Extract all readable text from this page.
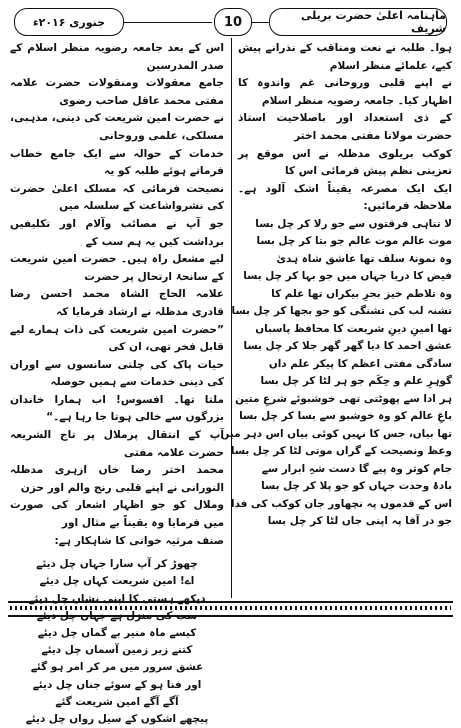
جنوری ۲۰۱۶ء	10	ماہنامہ اعلیٰ حضرت بریلی شریف
ہوا۔ طلبہ نے نعت ومناقب کے نذرانے پیش کیے، علمائے منظر اسلام
نے اپنے قلبی وروحانی غم واندوہ کا اظہار کیا۔ جامعہ رضویہ منظر اسلام
کے ذی استعداد اور باصلاحیت استاذ حضرت مولانا مفتی محمد اختر
کوکب بریلوی مدظلہ نے اس موقع پر تعزیتی نظم پیش فرمائی اس کا
ایک ایک مصرعہ یقیناً اشک آلود ہے۔ ملاحظہ فرمائیں:
لا تناہی فرقتوں سے جو رلا کر چل بسا
موت عالم موت عالم جو بتا کر چل بسا
وہ نمونۂ سلف تھا عاشق شاہ ہدیٰ
فیض کا دریا جہاں میں جو بہا کر چل بسا
وہ تلاطم خیز بحرِ بیکراں تھا علم کا
تشنہ لب کی تشنگی کو جو بجھا کر چل بسا
تھا امینِ دینِ شریعت کا محافظ پاسباں
عشق احمد کا دیا گھر گھر جلا کر چل بسا
سادگی مفتی اعظم کا پیکر علم داں
گوہرِ علم و حِکَم جو ہر لٹا کر چل بسا
ہر ادا سے پھوٹتی تھی خوشبوئے شرعِ متین
باغِ عالم کو وہ خوشبو سے بسا کر چل بسا
تھا بیاں، جس کا نہیں کوئی بیاں اس دہر میں
وعظ ونصیحت کے گراں موتی لٹا کر چل بسا
جام کوثر وہ پیے گا دست شہِ ابرار سے
بادۂ وحدت جہاں کو جو پلا کر چل بسا
اس کے قدموں پہ نچھاور جان کوکب کی فدا
جو در آقا پہ اپنی جاں لٹا کر چل بسا
اس کے بعد جامعہ رضویہ منظر اسلام کے صدر المدرسین
جامع معقولات ومنقولات حضرت علامہ مفتی محمد عاقل صاحب رضوی
نے حضرت امین شریعت کی دینی، مذہبی، مسلکی، علمی وروحانی
خدمات کے حوالہ سے ایک جامع خطاب فرماتے ہوئے طلبہ کو یہ
نصیحت فرمائی کہ مسلک اعلیٰ حضرت کی نشرواشاعت کے سلسلہ میں
جو آپ نے مصائب وآلام اور تکلیفیں برداشت کیں یہ ہم سب کے
لیے مشعل راہ ہیں۔ حضرت امین شریعت کے سانحۂ ارتحال پر حضرت
علامہ الحاج الشاہ محمد احسن رضا قادری مدظلہ نے ارشاد فرمایا کہ
”حضرت امین شریعت کی ذات ہمارے لیے قابل فخر تھی، ان کی
حیات پاک کی چلتی سانسوں سے اوران کی دینی خدمات سے ہمیں حوصلہ
ملتا تھا۔ افسوس! اب ہمارا خاندان بزرگوں سے خالی ہوتا جا رہا ہے۔“
آپ کے انتقال پرملال پر تاج الشریعہ حضرت علامہ مفتی
محمد اختر رضا خاں ازہری مدظلہ النورانی نے اپنے قلبی رنج والم اور حزن
وملال کو جو اظہار اشعار کی صورت میں فرمایا وہ یقیناً بے مثال اور
صنف مرثیہ خوانی کا شاہکار ہے:
چھوڑ کر آپ سارا جہاں چل دیئے
اے! امین شریعت کہاں چل دیئے
دیکھے ہستی کا اپنی نشاں چل دیئے
سب کی منزل ہے جہاں چل دیئے
کیسے ماہ منیر بے گماں چل دیئے
کتنے زیر زمین آسماں چل دیئے
عشق سرور میں مر کر امر ہو گئے
اور فنا ہو کے سوئے جناں چل دیئے
آگے آگے امین شریعت گئے
پیچھے اشکوں کے سیل رواں چل دیئے
